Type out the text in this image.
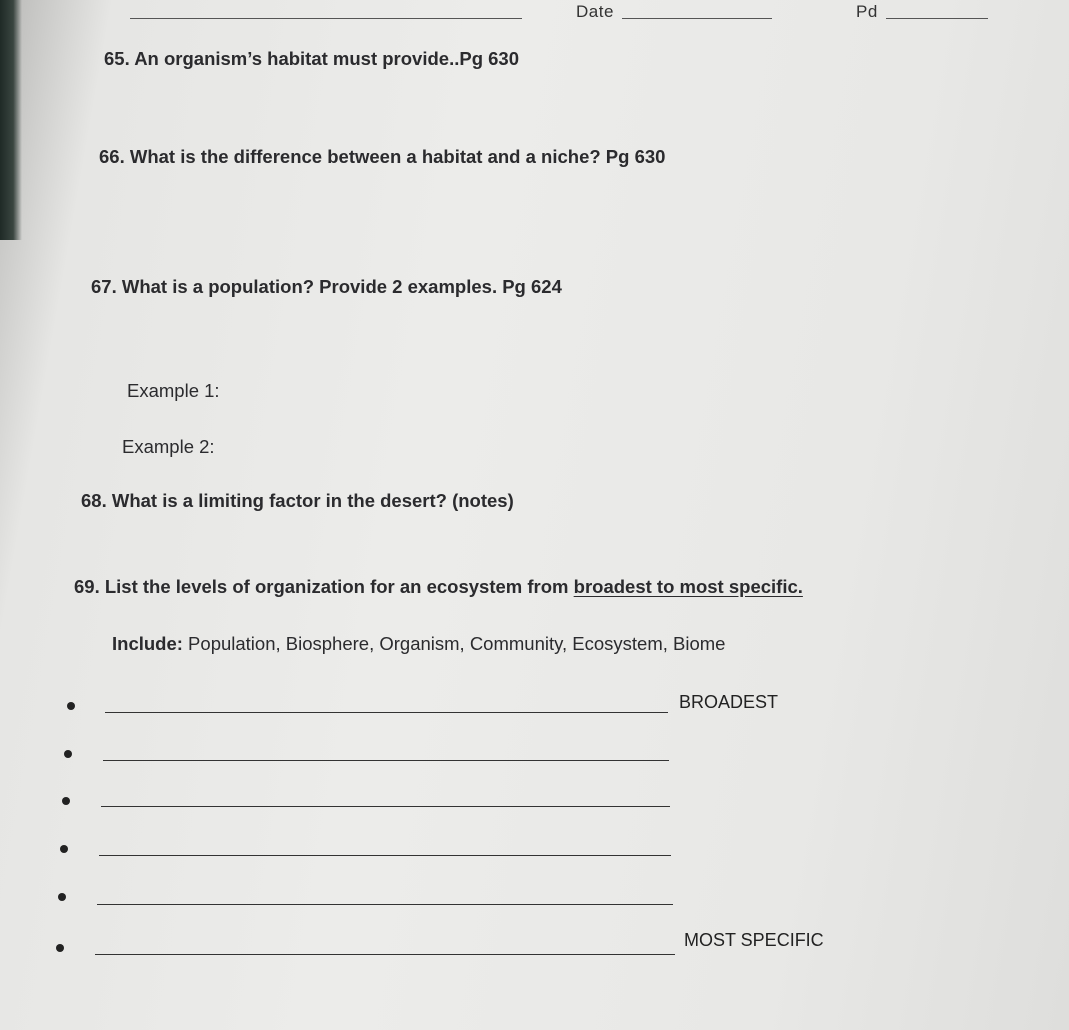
Date	Pd
65. An organism’s habitat must provide..Pg 630
66. What is the difference between a habitat and a niche? Pg 630
67. What is a population? Provide 2 examples. Pg 624
Example 1:
Example 2:
68. What is a limiting factor in the desert? (notes)
69. List the levels of organization for an ecosystem from broadest to most specific.
Include: Population, Biosphere, Organism, Community, Ecosystem, Biome
BROADEST
MOST SPECIFIC
